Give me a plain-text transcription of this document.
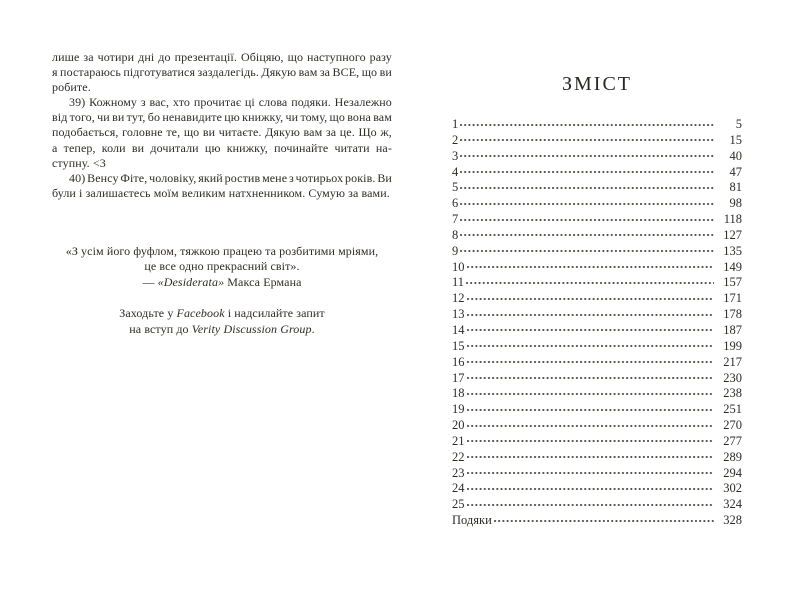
лише за чотири дні до презентації. Обіцяю, що наступного разу
я постараюсь підготуватися заздалегідь. Дякую вам за ВСЕ, що ви
робите.
39) Кожному з вас, хто прочитає ці слова подяки. Незалежно
від того, чи ви тут, бо ненавидите цю книжку, чи тому, що вона вам
подобається, головне те, що ви читаєте. Дякую вам за це. Що ж,
а тепер, коли ви дочитали цю книжку, починайте читати на-
ступну. <3
40) Венсу Фіте, чоловіку, який ростив мене з чотирьох років. Ви
були і залишаєтесь моїм великим натхненником. Сумую за вами.
«З усім його фуфлом, тяжкою працею та розбитими мріями,
це все одно прекрасний світ».
— «Desiderata» Макса Ермана
Заходьте у Facebook і надсилайте запит
на вступ до Verity Discussion Group.
ЗМІСТ
1	5
2	15
3	40
4	47
5	81
6	98
7	118
8	127
9	135
10	149
11	157
12	171
13	178
14	187
15	199
16	217
17	230
18	238
19	251
20	270
21	277
22	289
23	294
24	302
25	324
Подяки	328
